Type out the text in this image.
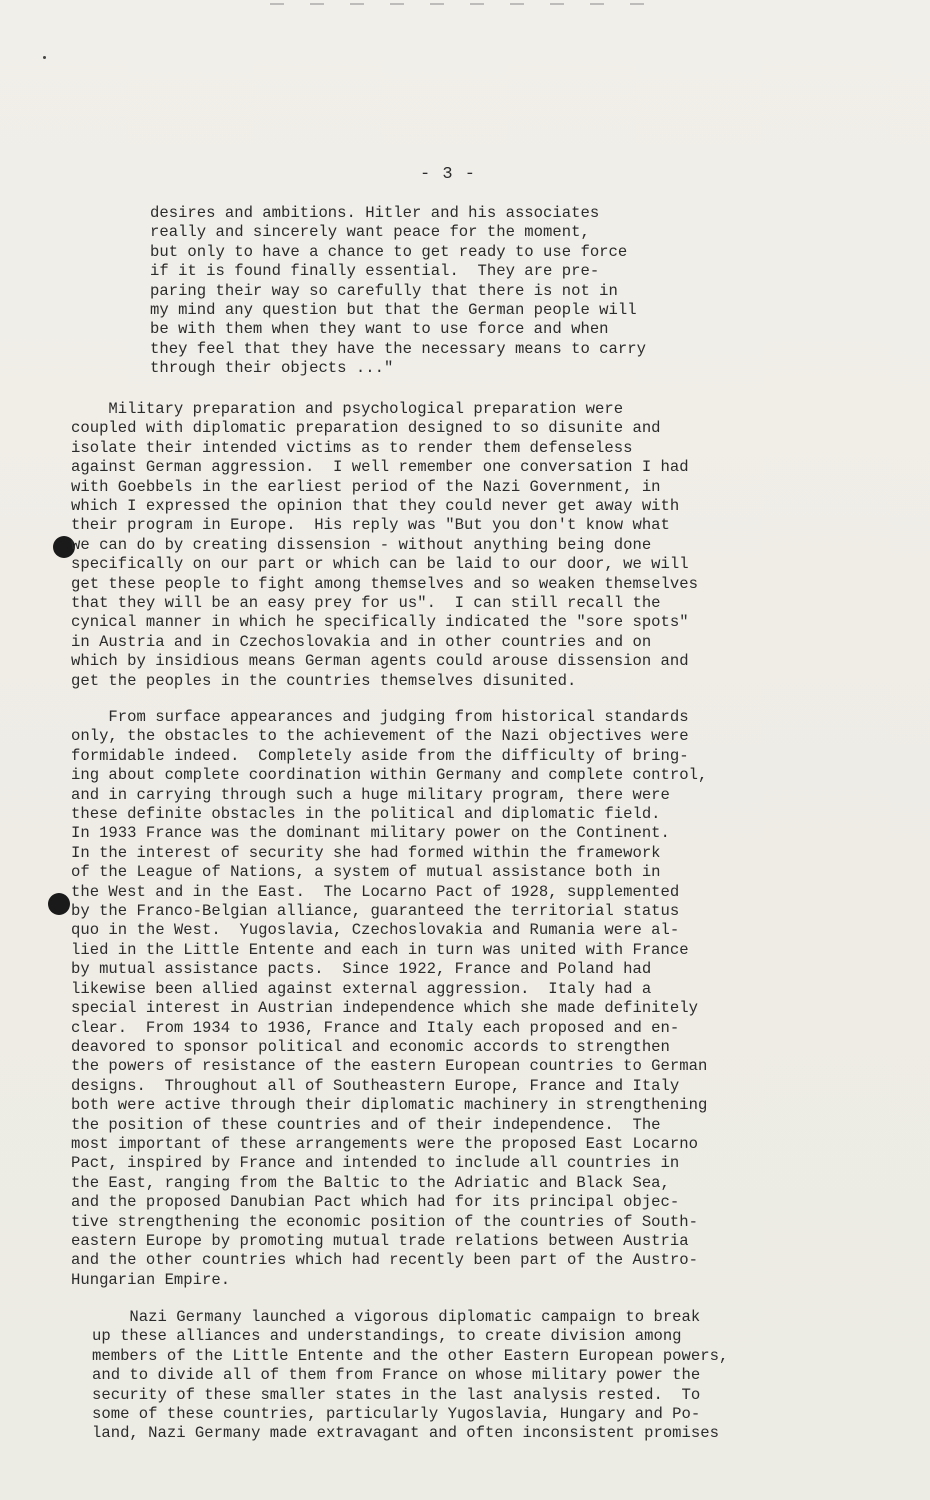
- 3 -
desires and ambitions. Hitler and his associates
really and sincerely want peace for the moment,
but only to have a chance to get ready to use force
if it is found finally essential.  They are pre-
paring their way so carefully that there is not in
my mind any question but that the German people will
be with them when they want to use force and when
they feel that they have the necessary means to carry
through their objects ..."
Military preparation and psychological preparation were
coupled with diplomatic preparation designed to so disunite and
isolate their intended victims as to render them defenseless
against German aggression.  I well remember one conversation I had
with Goebbels in the earliest period of the Nazi Government, in
which I expressed the opinion that they could never get away with
their program in Europe.  His reply was "But you don't know what
we can do by creating dissension - without anything being done
specifically on our part or which can be laid to our door, we will
get these people to fight among themselves and so weaken themselves
that they will be an easy prey for us".  I can still recall the
cynical manner in which he specifically indicated the "sore spots"
in Austria and in Czechoslovakia and in other countries and on
which by insidious means German agents could arouse dissension and
get the peoples in the countries themselves disunited.
From surface appearances and judging from historical standards
only, the obstacles to the achievement of the Nazi objectives were
formidable indeed.  Completely aside from the difficulty of bring-
ing about complete coordination within Germany and complete control,
and in carrying through such a huge military program, there were
these definite obstacles in the political and diplomatic field.
In 1933 France was the dominant military power on the Continent.
In the interest of security she had formed within the framework
of the League of Nations, a system of mutual assistance both in
the West and in the East.  The Locarno Pact of 1928, supplemented
by the Franco-Belgian alliance, guaranteed the territorial status
quo in the West.  Yugoslavia, Czechoslovakia and Rumania were al-
lied in the Little Entente and each in turn was united with France
by mutual assistance pacts.  Since 1922, France and Poland had
likewise been allied against external aggression.  Italy had a
special interest in Austrian independence which she made definitely
clear.  From 1934 to 1936, France and Italy each proposed and en-
deavored to sponsor political and economic accords to strengthen
the powers of resistance of the eastern European countries to German
designs.  Throughout all of Southeastern Europe, France and Italy
both were active through their diplomatic machinery in strengthening
the position of these countries and of their independence.  The
most important of these arrangements were the proposed East Locarno
Pact, inspired by France and intended to include all countries in
the East, ranging from the Baltic to the Adriatic and Black Sea,
and the proposed Danubian Pact which had for its principal objec-
tive strengthening the economic position of the countries of South-
eastern Europe by promoting mutual trade relations between Austria
and the other countries which had recently been part of the Austro-
Hungarian Empire.
Nazi Germany launched a vigorous diplomatic campaign to break
up these alliances and understandings, to create division among
members of the Little Entente and the other Eastern European powers,
and to divide all of them from France on whose military power the
security of these smaller states in the last analysis rested.  To
some of these countries, particularly Yugoslavia, Hungary and Po-
land, Nazi Germany made extravagant and often inconsistent promises
